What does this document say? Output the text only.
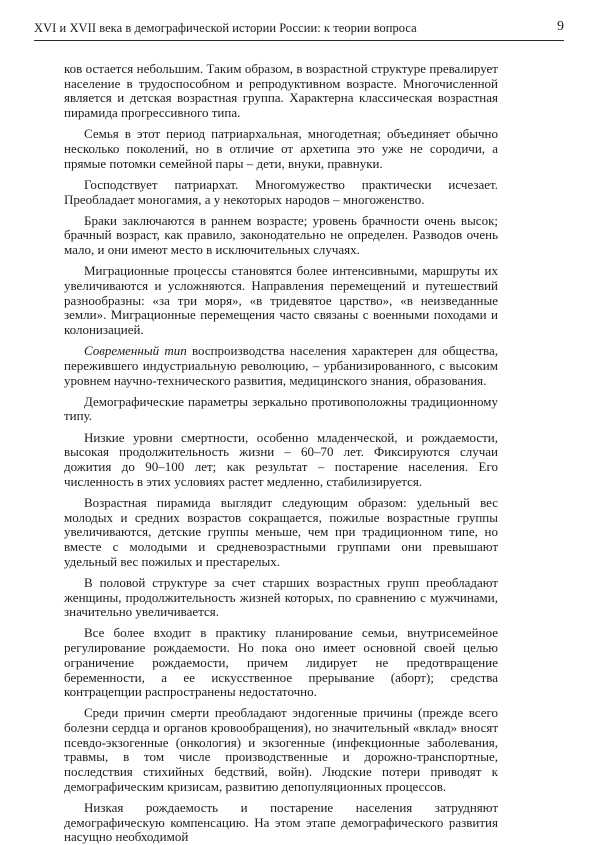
XVI и XVII века в демографической истории России: к теории вопроса	9

ков остается небольшим. Таким образом, в возрастной структуре превалирует население в трудоспособном и репродуктивном возрасте. Многочисленной является и детская возрастная группа. Характерна классическая возрастная пирамида прогрессивного типа.

Семья в этот период патриархальная, многодетная; объединяет обычно несколько поколений, но в отличие от архетипа это уже не сородичи, а прямые потомки семейной пары – дети, внуки, правнуки.

Господствует патриархат. Многомужество практически исчезает. Преобладает моногамия, а у некоторых народов – многоженство.

Браки заключаются в раннем возрасте; уровень брачности очень высок; брачный возраст, как правило, законодательно не определен. Разводов очень мало, и они имеют место в исключительных случаях.

Миграционные процессы становятся более интенсивными, маршруты их увеличиваются и усложняются. Направления перемещений и путешествий разнообразны: «за три моря», «в тридевятое царство», «в неизведанные земли». Миграционные перемещения часто связаны с военными походами и колонизацией.

Современный тип воспроизводства населения характерен для общества, пережившего индустриальную революцию, – урбанизированного, с высоким уровнем научно-технического развития, медицинского знания, образования.

Демографические параметры зеркально противоположны традиционному типу.

Низкие уровни смертности, особенно младенческой, и рождаемости, высокая продолжительность жизни – 60–70 лет. Фиксируются случаи дожития до 90–100 лет; как результат – постарение населения. Его численность в этих условиях растет медленно, стабилизируется.

Возрастная пирамида выглядит следующим образом: удельный вес молодых и средних возрастов сокращается, пожилые возрастные группы увеличиваются, детские группы меньше, чем при традиционном типе, но вместе с молодыми и средневозрастными группами они превышают удельный вес пожилых и престарелых.

В половой структуре за счет старших возрастных групп преобладают женщины, продолжительность жизней которых, по сравнению с мужчинами, значительно увеличивается.

Все более входит в практику планирование семьи, внутрисемейное регулирование рождаемости. Но пока оно имеет основной своей целью ограничение рождаемости, причем лидирует не предотвращение беременности, а ее искусственное прерывание (аборт); средства контрацепции распространены недостаточно.

Среди причин смерти преобладают эндогенные причины (прежде всего болезни сердца и органов кровообращения), но значительный «вклад» вносят псевдо-экзогенные (онкология) и экзогенные (инфекционные заболевания, травмы, в том числе производственные и дорожно-транспортные, последствия стихийных бедствий, войн). Людские потери приводят к демографическим кризисам, развитию депопуляционных процессов.

Низкая рождаемость и постарение населения затрудняют демографическую компенсацию. На этом этапе демографического развития насущно необходимой
